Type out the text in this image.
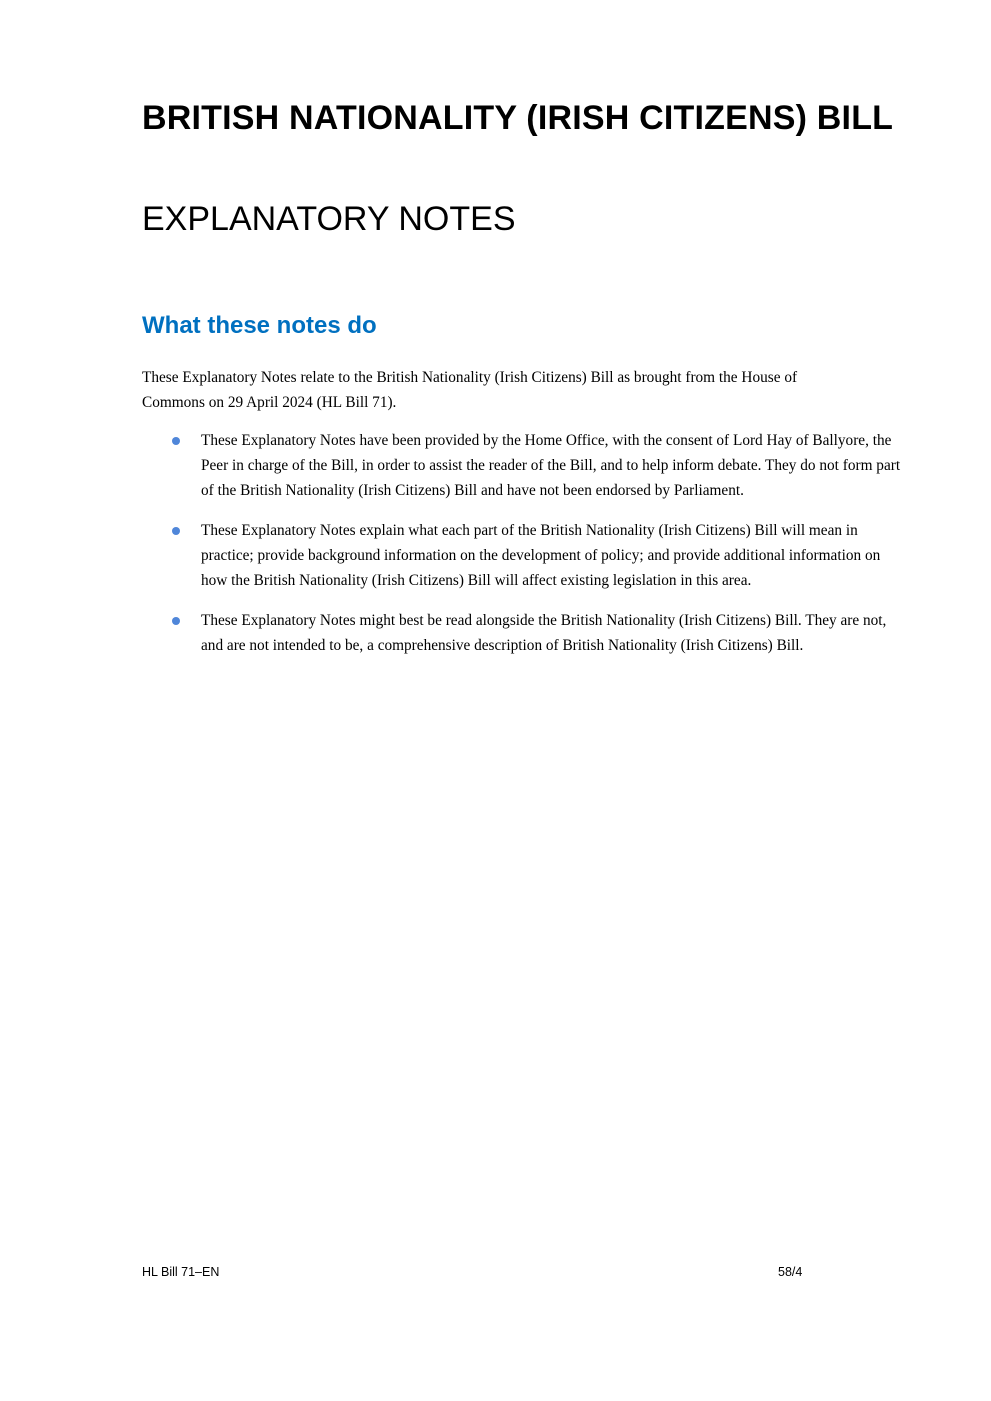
BRITISH NATIONALITY (IRISH CITIZENS) BILL
EXPLANATORY NOTES
What these notes do

These Explanatory Notes relate to the British Nationality (Irish Citizens) Bill as brought from the House of Commons on 29 April 2024 (HL Bill 71).

These Explanatory Notes have been provided by the Home Office, with the consent of Lord Hay of Ballyore, the Peer in charge of the Bill, in order to assist the reader of the Bill, and to help inform debate. They do not form part of the British Nationality (Irish Citizens) Bill and have not been endorsed by Parliament.
These Explanatory Notes explain what each part of the British Nationality (Irish Citizens) Bill will mean in practice; provide background information on the development of policy; and provide additional information on how the British Nationality (Irish Citizens) Bill will affect existing legislation in this area.
These Explanatory Notes might best be read alongside the British Nationality (Irish Citizens) Bill. They are not, and are not intended to be, a comprehensive description of British Nationality (Irish Citizens) Bill.
HL Bill 71–EN	58/4
